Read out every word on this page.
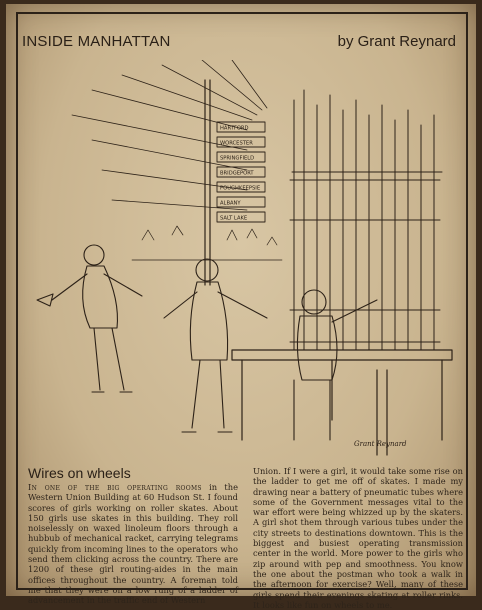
INSIDE MANHATTAN	by Grant Reynard
HARTFORD
WORCESTER
SPRINGFIELD
BRIDGEPORT
POUGHKEEPSIE
ALBANY
SALT LAKE
Grant Reynard
Wires on wheels

In one of the big operating rooms in the Western Union Building at 60 Hudson St. I found scores of girls working on roller skates. About 150 girls use skates in this building. They roll noiselessly on waxed linoleum floors through a hubbub of mechanical racket, carrying telegrams quickly from incoming lines to the operators who send them clicking across the country. There are 1200 of these girl routing-aides in the main offices throughout the country. A foreman told me that they were on a low rung of a ladder of advancement in the traffic end of Western

Union. If I were a girl, it would take some rise on the ladder to get me off of skates. I made my drawing near a battery of pneumatic tubes where some of the Government messages vital to the war effort were being whizzed up by the skaters. A girl shot them through various tubes under the city streets to destinations downtown. This is the biggest and busiest operating transmission center in the world. More power to the girls who zip around with pep and smoothness. You know the one about the postman who took a walk in the afternoon for exercise? Well, many of these girls spend their evenings skating at roller rinks. It looks like fun on wheels to me.
